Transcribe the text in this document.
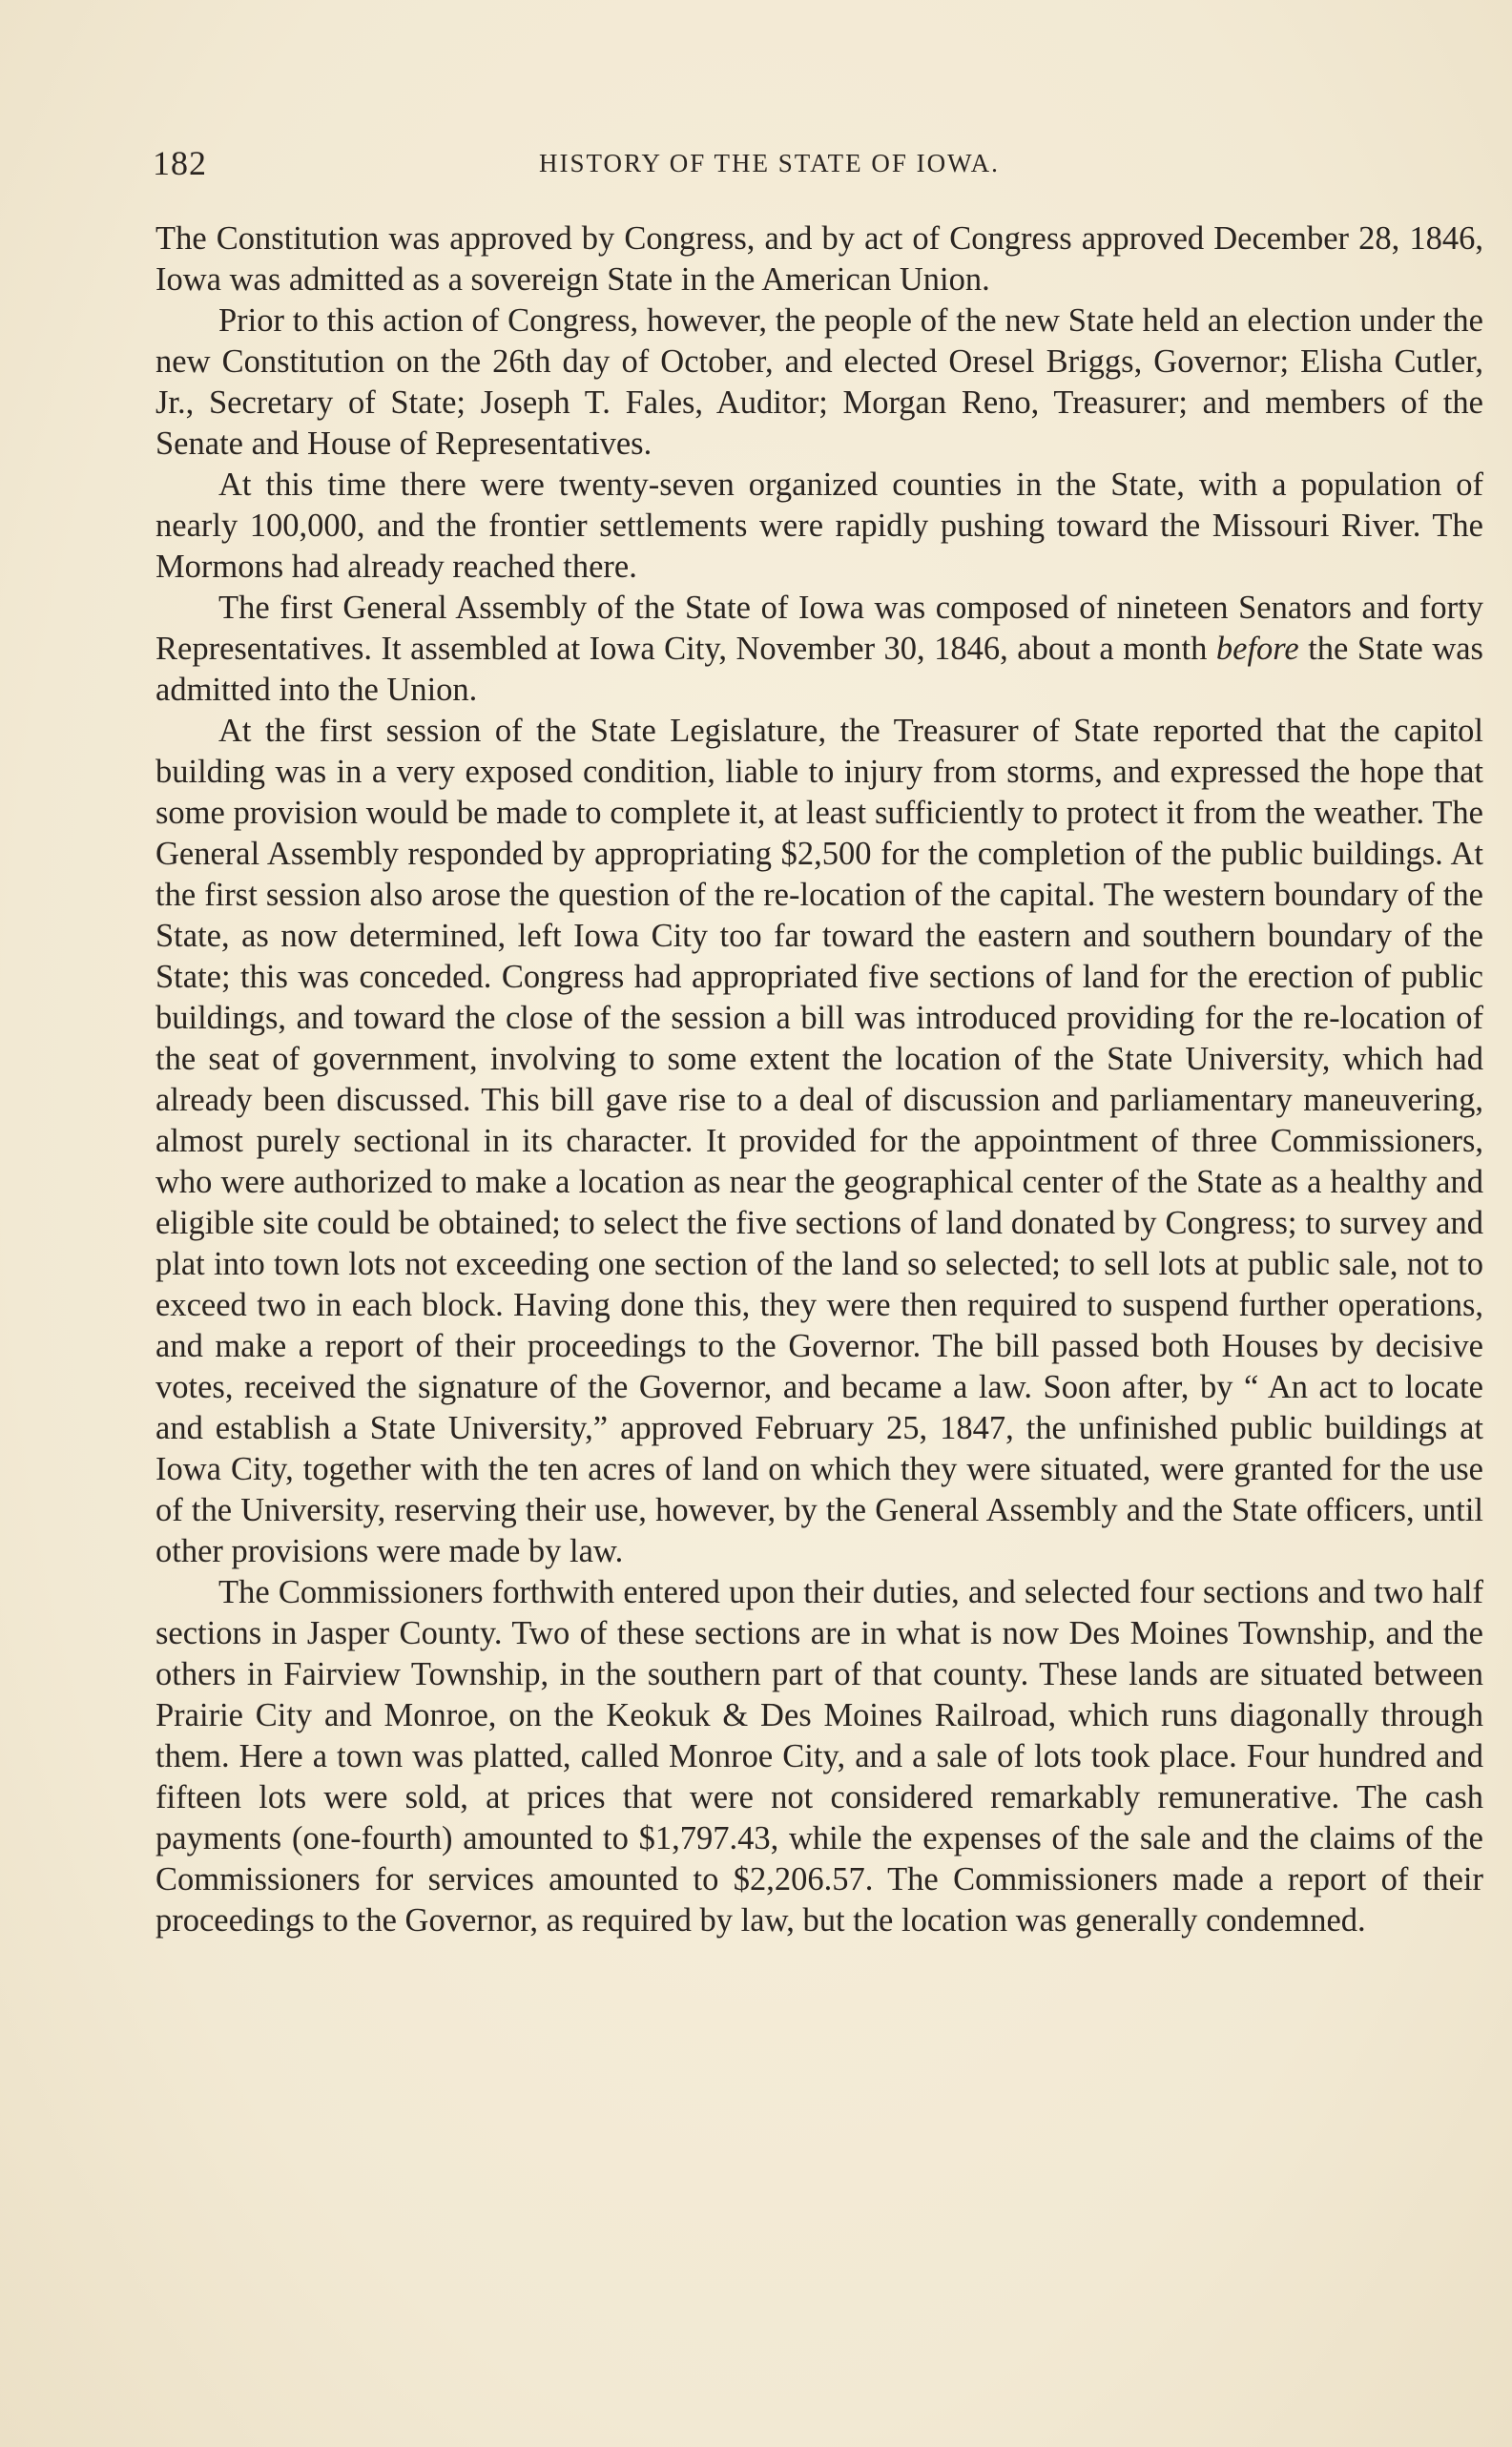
182	HISTORY OF THE STATE OF IOWA.

The Constitution was approved by Congress, and by act of Congress approved December 28, 1846, Iowa was admitted as a sovereign State in the American Union.

Prior to this action of Congress, however, the people of the new State held an election under the new Constitution on the 26th day of October, and elected Oresel Briggs, Governor; Elisha Cutler, Jr., Secretary of State; Joseph T. Fales, Auditor; Morgan Reno, Treasurer; and members of the Senate and House of Representatives.

At this time there were twenty-seven organized counties in the State, with a population of nearly 100,000, and the frontier settlements were rapidly pushing toward the Missouri River. The Mormons had already reached there.

The first General Assembly of the State of Iowa was composed of nineteen Senators and forty Representatives. It assembled at Iowa City, November 30, 1846, about a month before the State was admitted into the Union.

At the first session of the State Legislature, the Treasurer of State reported that the capitol building was in a very exposed condition, liable to injury from storms, and expressed the hope that some provision would be made to complete it, at least sufficiently to protect it from the weather. The General Assembly responded by appropriating $2,500 for the completion of the public buildings. At the first session also arose the question of the re-location of the capital. The western boundary of the State, as now determined, left Iowa City too far toward the eastern and southern boundary of the State; this was conceded. Congress had appropriated five sections of land for the erection of public buildings, and toward the close of the session a bill was introduced providing for the re-location of the seat of government, involving to some extent the location of the State University, which had already been discussed. This bill gave rise to a deal of discussion and parliamentary maneuvering, almost purely sectional in its character. It provided for the appointment of three Commissioners, who were authorized to make a location as near the geographical center of the State as a healthy and eligible site could be obtained; to select the five sections of land donated by Congress; to survey and plat into town lots not exceeding one section of the land so selected; to sell lots at public sale, not to exceed two in each block. Having done this, they were then required to suspend further operations, and make a report of their proceedings to the Governor. The bill passed both Houses by decisive votes, received the signature of the Governor, and became a law. Soon after, by “ An act to locate and establish a State University,” approved February 25, 1847, the unfinished public buildings at Iowa City, together with the ten acres of land on which they were situated, were granted for the use of the University, reserving their use, however, by the General Assembly and the State officers, until other provisions were made by law.

The Commissioners forthwith entered upon their duties, and selected four sections and two half sections in Jasper County. Two of these sections are in what is now Des Moines Township, and the others in Fairview Township, in the southern part of that county. These lands are situated between Prairie City and Monroe, on the Keokuk & Des Moines Railroad, which runs diagonally through them. Here a town was platted, called Monroe City, and a sale of lots took place. Four hundred and fifteen lots were sold, at prices that were not considered remarkably remunerative. The cash payments (one-fourth) amounted to $1,797.43, while the expenses of the sale and the claims of the Commissioners for services amounted to $2,206.57. The Commissioners made a report of their proceedings to the Governor, as required by law, but the location was generally condemned.
